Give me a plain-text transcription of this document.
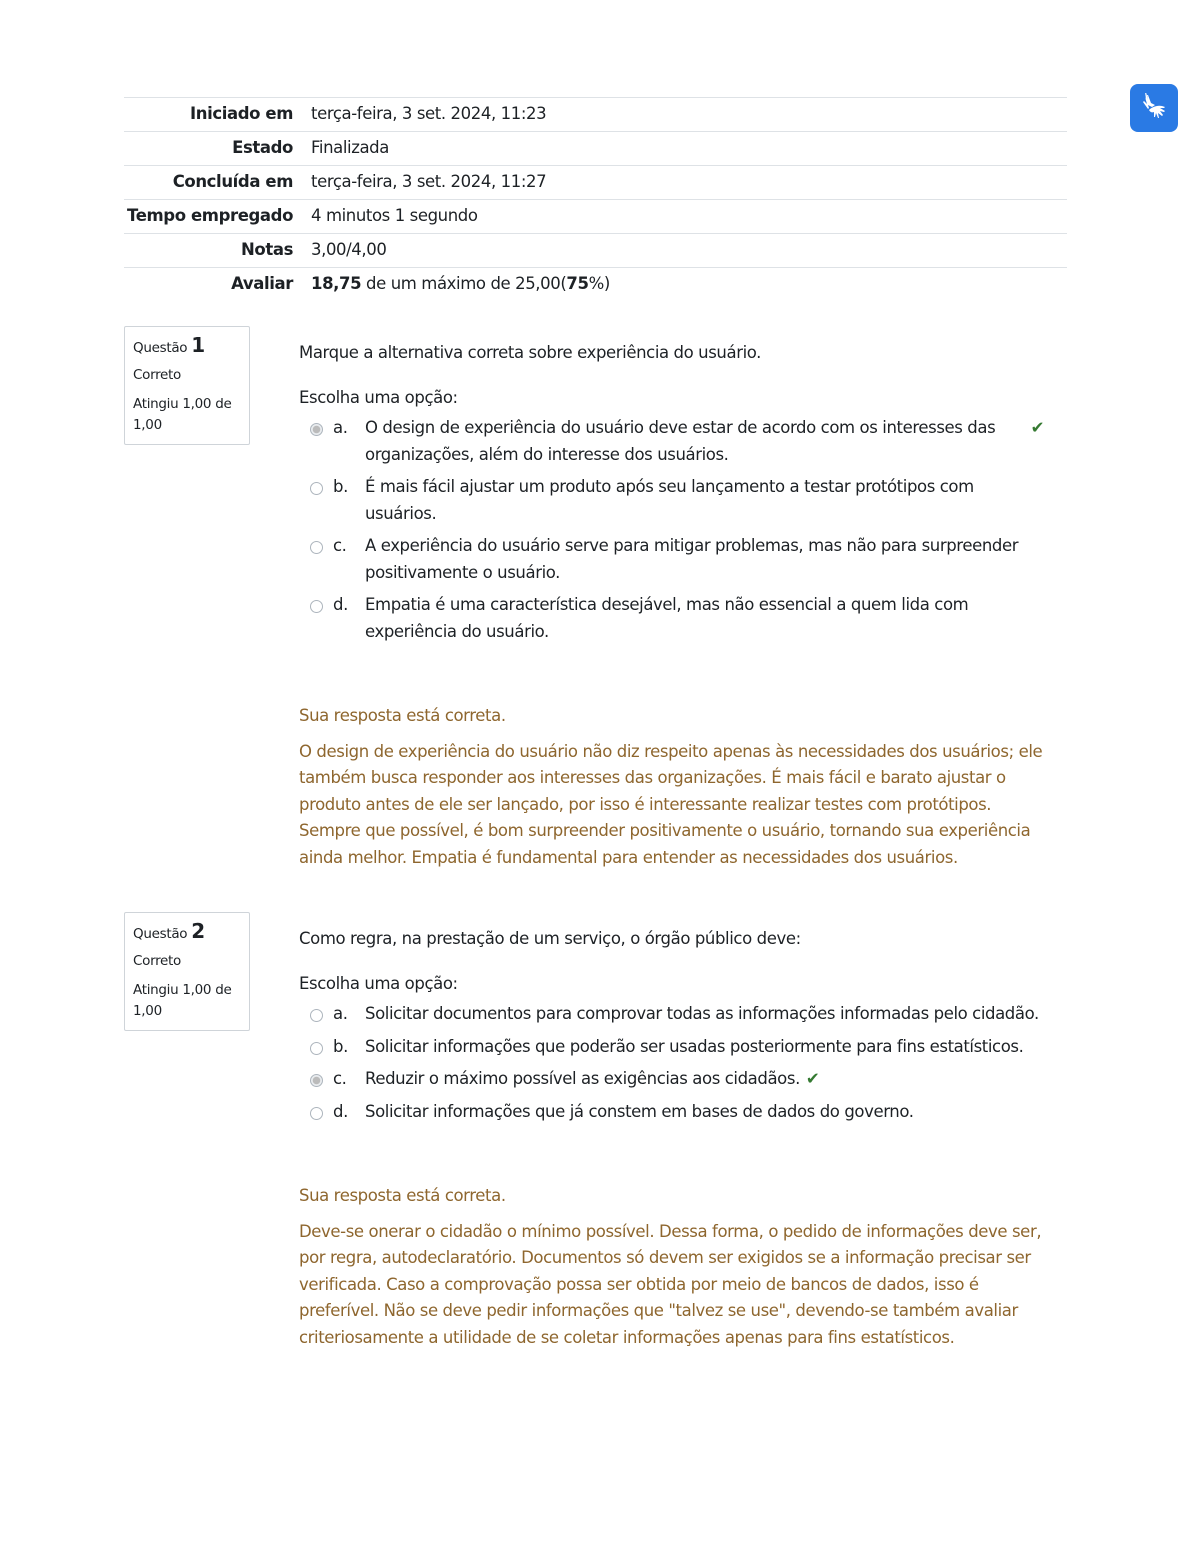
Iniciado em	terça-feira, 3 set. 2024, 11:23
Estado	Finalizada
Concluída em	terça-feira, 3 set. 2024, 11:27
Tempo empregado	4 minutos 1 segundo
Notas	3,00/4,00
Avaliar	18,75 de um máximo de 25,00(75%)

Questão 1

Correto

Atingiu 1,00 de 1,00

Marque a alternativa correta sobre experiência do usuário.
Escolha uma opção:
a.	O design de experiência do usuário deve estar de acordo com os interesses das organizações, além do interesse dos usuários.
✔
b.	É mais fácil ajustar um produto após seu lançamento a testar protótipos com usuários.
c.	A experiência do usuário serve para mitigar problemas, mas não para surpreender positivamente o usuário.
d.	Empatia é uma característica desejável, mas não essencial a quem lida com experiência do usuário.

Sua resposta está correta.

O design de experiência do usuário não diz respeito apenas às necessidades dos usuários; ele também busca responder aos interesses das organizações. É mais fácil e barato ajustar o produto antes de ele ser lançado, por isso é interessante realizar testes com protótipos. Sempre que possível, é bom surpreender positivamente o usuário, tornando sua experiência ainda melhor. Empatia é fundamental para entender as necessidades dos usuários.

Questão 2

Correto

Atingiu 1,00 de 1,00

Como regra, na prestação de um serviço, o órgão público deve:
Escolha uma opção:
a.	Solicitar documentos para comprovar todas as informações informadas pelo cidadão.
b.	Solicitar informações que poderão ser usadas posteriormente para fins estatísticos.
c.	Reduzir o máximo possível as exigências aos cidadãos. ✔
d.	Solicitar informações que já constem em bases de dados do governo.

Sua resposta está correta.

Deve-se onerar o cidadão o mínimo possível. Dessa forma, o pedido de informações deve ser, por regra, autodeclaratório. Documentos só devem ser exigidos se a informação precisar ser verificada. Caso a comprovação possa ser obtida por meio de bancos de dados, isso é preferível. Não se deve pedir informações que "talvez se use", devendo-se também avaliar criteriosamente a utilidade de se coletar informações apenas para fins estatísticos.
